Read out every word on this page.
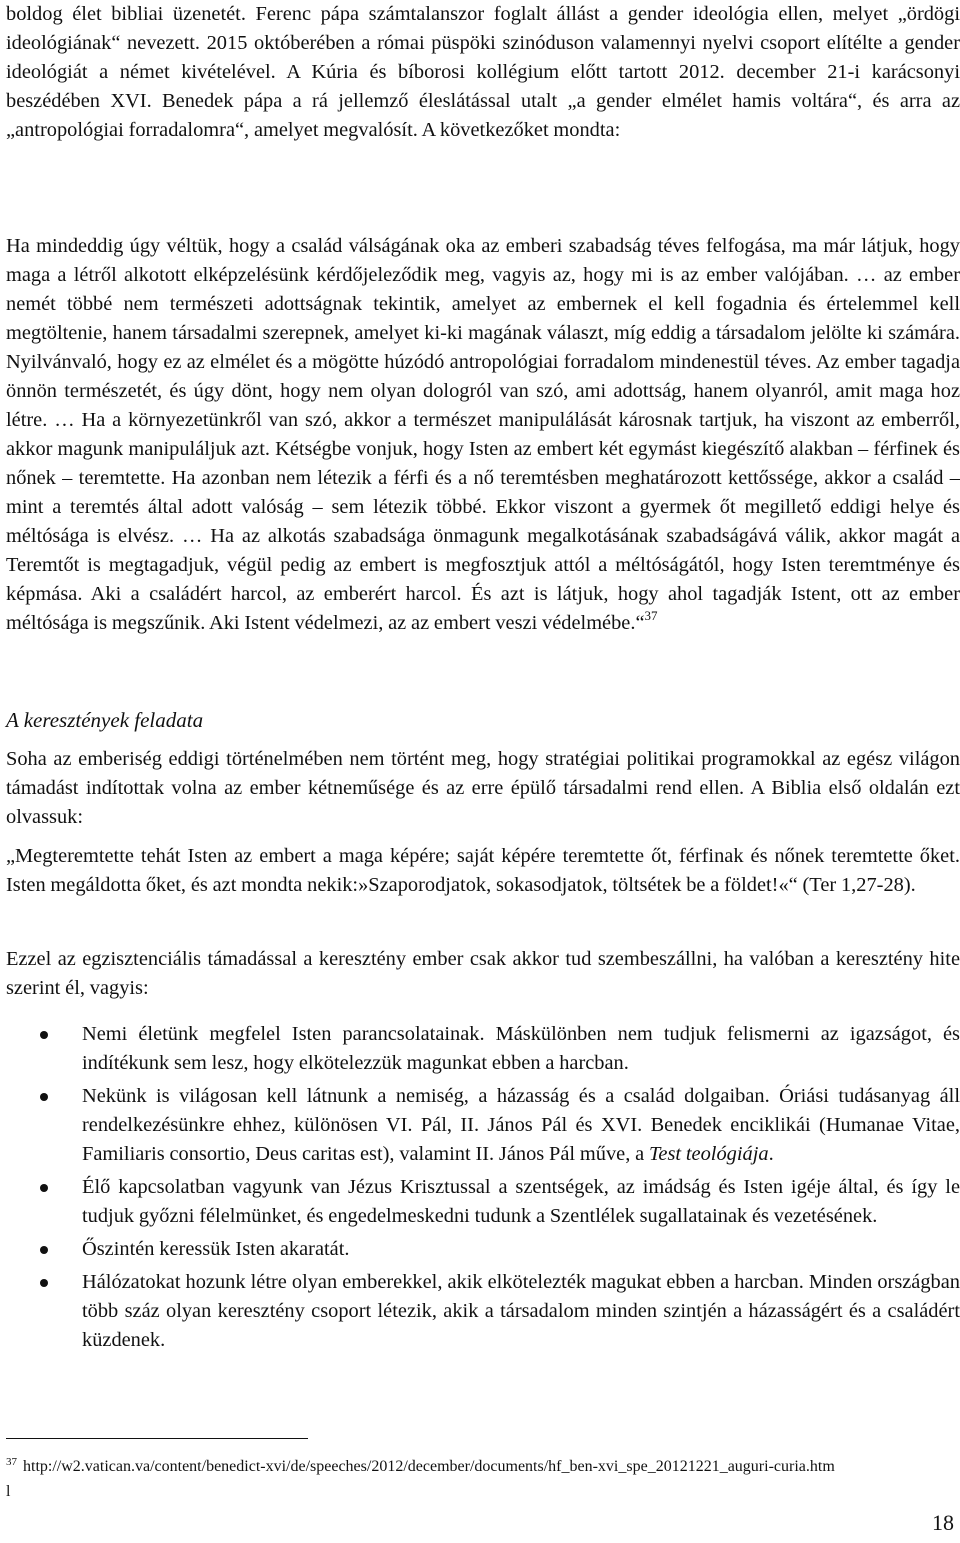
boldog élet bibliai üzenetét. Ferenc pápa számtalanszor foglalt állást a gender ideológia ellen, melyet „ördögi ideológiának“ nevezett. 2015 októberében a római püspöki szinóduson valamennyi nyelvi csoport elítélte a gender ideológiát a német kivételével. A Kúria és bíborosi kollégium előtt tartott 2012. december 21-i karácsonyi beszédében XVI. Benedek pápa a rá jellemző éleslátással utalt „a gender elmélet hamis voltára“, és arra az „antropológiai forradalomra“, amelyet megvalósít. A következőket mondta:

Ha mindeddig úgy véltük, hogy a család válságának oka az emberi szabadság téves felfogása, ma már látjuk, hogy maga a létről alkotott elképzelésünk kérdőjeleződik meg, vagyis az, hogy mi is az ember valójában. … az ember nemét többé nem természeti adottságnak tekintik, amelyet az embernek el kell fogadnia és értelemmel kell megtöltenie, hanem társadalmi szerepnek, amelyet ki-ki magának választ, míg eddig a társadalom jelölte ki számára. Nyilvánvaló, hogy ez az elmélet és a mögötte húzódó antropológiai forradalom mindenestül téves. Az ember tagadja önnön természetét, és úgy dönt, hogy nem olyan dologról van szó, ami adottság, hanem olyanról, amit maga hoz létre. … Ha a környezetünkről van szó, akkor a természet manipulálását károsnak tartjuk, ha viszont az emberről, akkor magunk manipuláljuk azt. Kétségbe vonjuk, hogy Isten az embert két egymást kiegészítő alakban – férfinek és nőnek – teremtette. Ha azonban nem létezik a férfi és a nő teremtésben meghatározott kettőssége, akkor a család – mint a teremtés által adott valóság – sem létezik többé. Ekkor viszont a gyermek őt megillető eddigi helye és méltósága is elvész. … Ha az alkotás szabadsága önmagunk megalkotásának szabadságává válik, akkor magát a Teremtőt is megtagadjuk, végül pedig az embert is megfosztjuk attól a méltóságától, hogy Isten teremtménye és képmása. Aki a családért harcol, az emberért harcol. És azt is látjuk, hogy ahol tagadják Istent, ott az ember méltósága is megszűnik. Aki Istent védelmezi, az az embert veszi védelmébe.“$^{37}$

A keresztények feladata

Soha az emberiség eddigi történelmében nem történt meg, hogy stratégiai politikai programokkal az egész világon támadást indítottak volna az ember kétneműsége és az erre épülő társadalmi rend ellen. A Biblia első oldalán ezt olvassuk:

„Megteremtette tehát Isten az embert a maga képére; saját képére teremtette őt, férfinak és nőnek teremtette őket. Isten megáldotta őket, és azt mondta nekik:»Szaporodjatok, sokasodjatok, töltsétek be a földet!«“ (Ter 1,27-28).

Ezzel az egzisztenciális támadással a keresztény ember csak akkor tud szembeszállni, ha valóban a keresztény hite szerint él, vagyis:

Nemi életünk megfelel Isten parancsolatainak. Máskülönben nem tudjuk felismerni az igazságot, és indítékunk sem lesz, hogy elkötelezzük magunkat ebben a harcban.
Nekünk is világosan kell látnunk a nemiség, a házasság és a család dolgaiban. Óriási tudásanyag áll rendelkezésünkre ehhez, különösen VI. Pál, II. János Pál és XVI. Benedek enciklikái (Humanae Vitae, Familiaris consortio, Deus caritas est), valamint II. János Pál műve, a Test teológiája.
Élő kapcsolatban vagyunk van Jézus Krisztussal a szentségek, az imádság és Isten igéje által, és így le tudjuk győzni félelmünket, és engedelmeskedni tudunk a Szentlélek sugallatainak és vezetésének.
Őszintén keressük Isten akaratát.
Hálózatokat hozunk létre olyan emberekkel, akik elkötelezték magukat ebben a harcban. Minden országban több száz olyan keresztény csoport létezik, akik a társadalom minden szintjén a házasságért és a családért küzdenek.
$^{37}$ http://w2.vatican.va/content/benedict-xvi/de/speeches/2012/december/documents/hf_ben-xvi_spe_20121221_auguri-curia.html
18
